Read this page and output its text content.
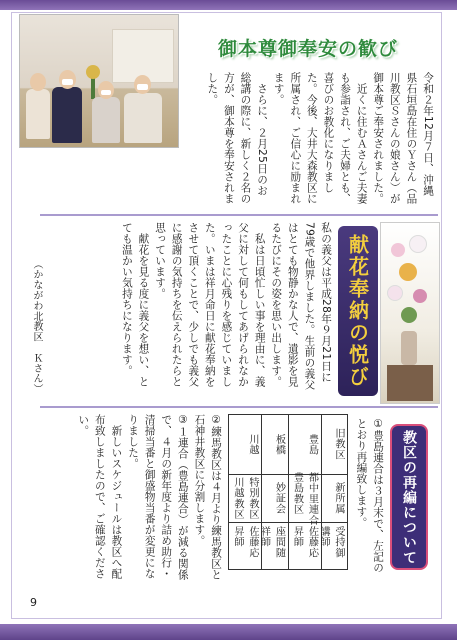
御本尊御奉安の歓び
令和２年12月７日、沖縄県石垣島在住のＹさん（品川教区Ｓさんの娘さん）が御本尊ご奉安されました。
　近くに住むＡさんご夫妻も参詣され、ご夫婦とも、喜びのお教化になりました。今後、大井大森教区に所属され、ご信心に励まれます。
　さらに、２月25日のお総講の際に、新しく２名の方が、御本尊を奉安されました。
献花奉納の悦び
私の義父は平成28年９月21日に79歳で他界しました。生前の義父はとても物静かな人で、遺影を見るたびにその姿を思い出します。
　私は日頃忙しい事を理由に、義父に対して何もしてあげられなかったことに心残りを感じていました。いまは祥月命日に献花奉納をさせて頂くことで、少しでも義父に感謝の気持ちを伝えられたらと思っています。
　献花を見る度に義父を想い、とても温かい気持ちになります。
（かながわ北教区　Ｋさん）
教区の再編について
①豊島連合は３月末で、左記のとおり再編致します。
旧教区
新所属
受持御講師
豊島
都中里連合
豊島教区
佐藤応昇師
板橋
妙証会
座間随祥師
川越
特別教区
川越教区
佐藤応昇師
②練馬教区は４月より練馬教区と石神井教区に分割します。
③１連合（豊島連合）が減る関係で、４月の新年度より詰め助行・清掃当番と御盛物当番が変更になりました。
　新しいスケジュールは教区へ配布致しましたので、ご確認ください。
9
